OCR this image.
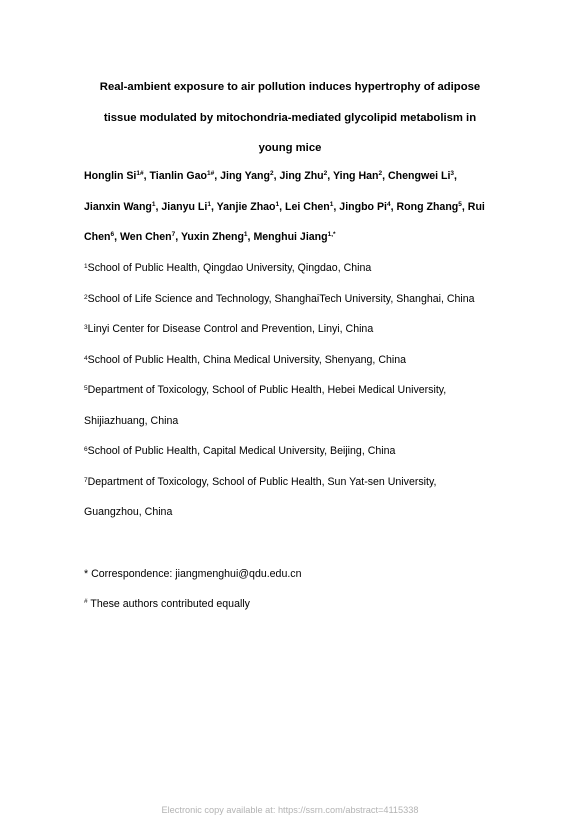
Real-ambient exposure to air pollution induces hypertrophy of adipose
tissue modulated by mitochondria-mediated glycolipid metabolism in
young mice
Honglin $Si^{1\#}$, Tianlin Gao$^{1\#}$, Jing Yang$^2$, Jing Zhu$^2$, Ying Han$^2$, Chengwei Li$^3$,
Jianxin Wang$^1$, Jianyu Li$^1$, Yanjie Zhao$^1$, Lei Chen$^1$, Jingbo Pi$^4$, Rong Zhang$^5$, Rui
Chen$^6$, Wen Chen$^7$, Yuxin Zheng$^1$, Menghui Jiang$^{1,*}$
$^1$School of Public Health, Qingdao University, Qingdao, China
$^2$School of Life Science and Technology, ShanghaiTech University, Shanghai, China
$^3$Linyi Center for Disease Control and Prevention, Linyi, China
$^4$School of Public Health, China Medical University, Shenyang, China
$^5$Department of Toxicology, School of Public Health, Hebei Medical University,
Shijiazhuang, China
$^6$School of Public Health, Capital Medical University, Beijing, China
$^7$Department of Toxicology, School of Public Health, Sun Yat-sen University,
Guangzhou, China
* Correspondence: jiangmenghui@qdu.edu.cn
# These authors contributed equally
Electronic copy available at: https://ssrn.com/abstract=4115338
